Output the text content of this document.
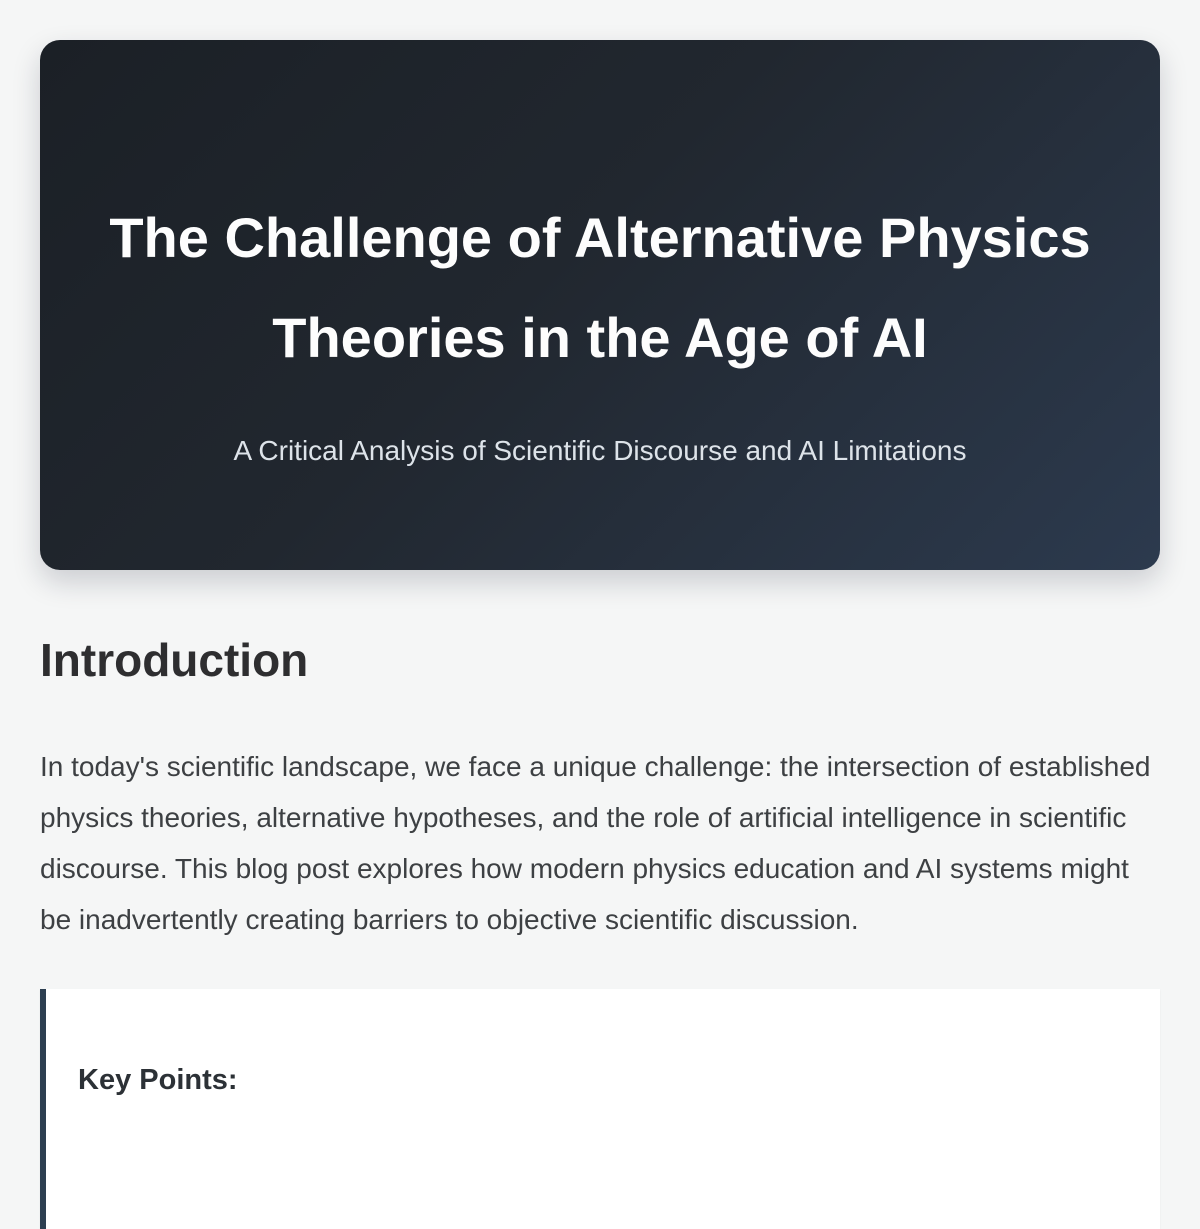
The Challenge of Alternative Physics Theories in the Age of AI

A Critical Analysis of Scientific Discourse and AI Limitations

Introduction

In today's scientific landscape, we face a unique challenge: the intersection of established physics theories, alternative hypotheses, and the role of artificial intelligence in scientific discourse. This blog post explores how modern physics education and AI systems might be inadvertently creating barriers to objective scientific discussion.

Key Points:
